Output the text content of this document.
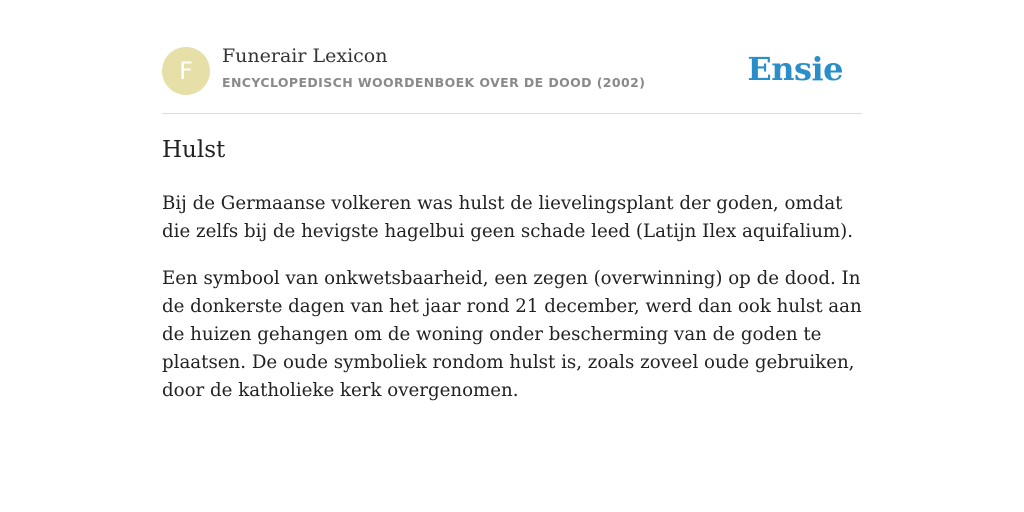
F
Funerair Lexicon
ENCYCLOPEDISCH WOORDENBOEK OVER DE DOOD (2002)	Ensie
Hulst

Bij de Germaanse volkeren was hulst de lievelingsplant der goden, omdat die zelfs bij de hevigste hagelbui geen schade leed (Latijn Ilex aquifalium).

Een symbool van onkwetsbaarheid, een zegen (overwinning) op de dood. In de donkerste dagen van het jaar rond 21 december, werd dan ook hulst aan de huizen gehangen om de woning onder bescherming van de goden te plaatsen. De oude symboliek rondom hulst is, zoals zoveel oude gebruiken, door de katholieke kerk overgenomen.
